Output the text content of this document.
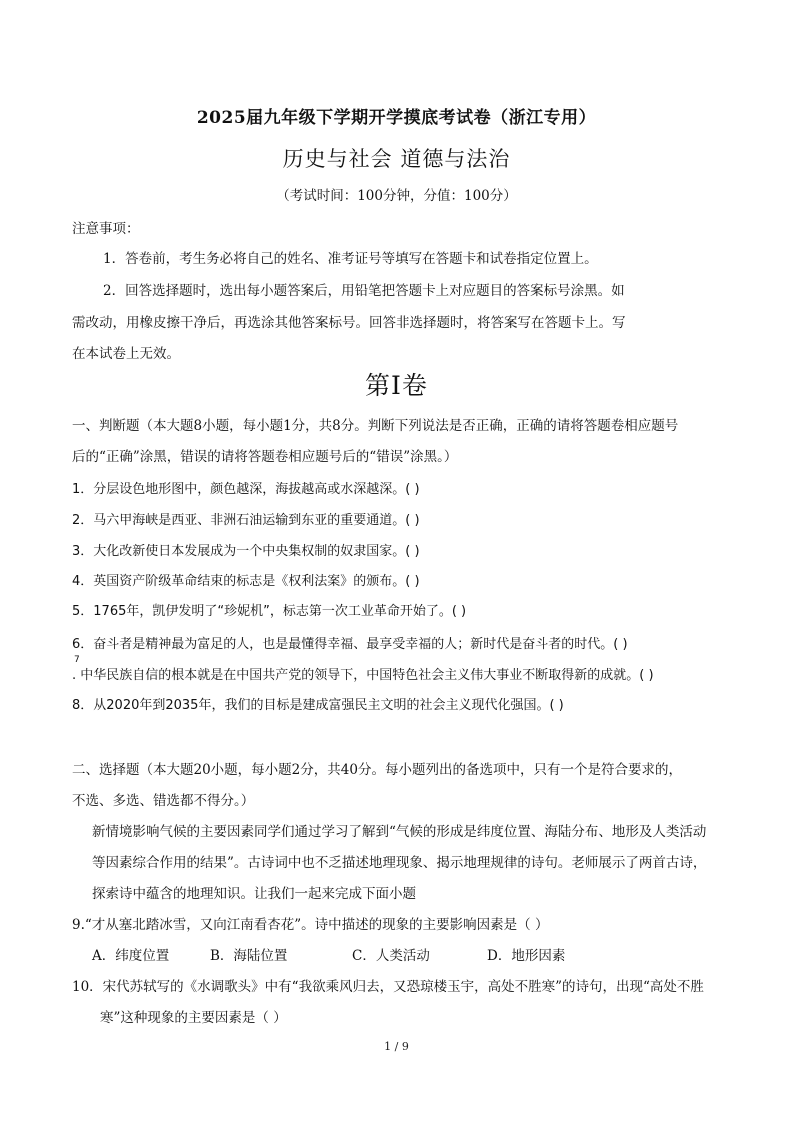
2025届九年级下学期开学摸底考试卷（浙江专用）
历史与社会 道德与法治
（考试时间：100分钟，分值：100分）
注意事项：
1．答卷前，考生务必将自己的姓名、准考证号等填写在答题卡和试卷指定位置上。
2．回答选择题时，选出每小题答案后，用铅笔把答题卡上对应题目的答案标号涂黑。如
需改动，用橡皮擦干净后，再选涂其他答案标号。回答非选择题时，将答案写在答题卡上。写
在本试卷上无效。
第Ⅰ卷
一、判断题（本大题8小题，每小题1分，共8分。判断下列说法是否正确，正确的请将答题卷相应题号
后的“正确”涂黑，错误的请将答题卷相应题号后的“错误”涂黑。）
1．分层设色地形图中，颜色越深，海拔越高或水深越深。( )
2．马六甲海峡是西亚、非洲石油运输到东亚的重要通道。( )
3．大化改新使日本发展成为一个中央集权制的奴隶国家。( )
4．英国资产阶级革命结束的标志是《权利法案》的颁布。( )
5．1765年，凯伊发明了“珍妮机”，标志第一次工业革命开始了。( )
6．奋斗者是精神最为富足的人，也是最懂得幸福、最享受幸福的人；新时代是奋斗者的时代。( )
7
. 中华民族自信的根本就是在中国共产党的领导下，中国特色社会主义伟大事业不断取得新的成就。( )
8．从2020年到2035年，我们的目标是建成富强民主文明的社会主义现代化强国。( )
二、选择题（本大题20小题，每小题2分，共40分。每小题列出的备选项中，只有一个是符合要求的，
不选、多选、错选都不得分。）
新情境影响气候的主要因素同学们通过学习了解到“气候的形成是纬度位置、海陆分布、地形及人类活动
等因素综合作用的结果”。古诗词中也不乏描述地理现象、揭示地理规律的诗句。老师展示了两首古诗，
探索诗中蕴含的地理知识。让我们一起来完成下面小题
9.“才从塞北踏冰雪，又向江南看杏花”。诗中描述的现象的主要影响因素是（ ）
A．纬度位置	B．海陆位置	C．人类活动	D．地形因素
10．宋代苏轼写的《水调歌头》中有“我欲乘风归去，又恐琼楼玉宇，高处不胜寒”的诗句，出现“高处不胜
寒”这种现象的主要因素是（ ）
1 / 9
